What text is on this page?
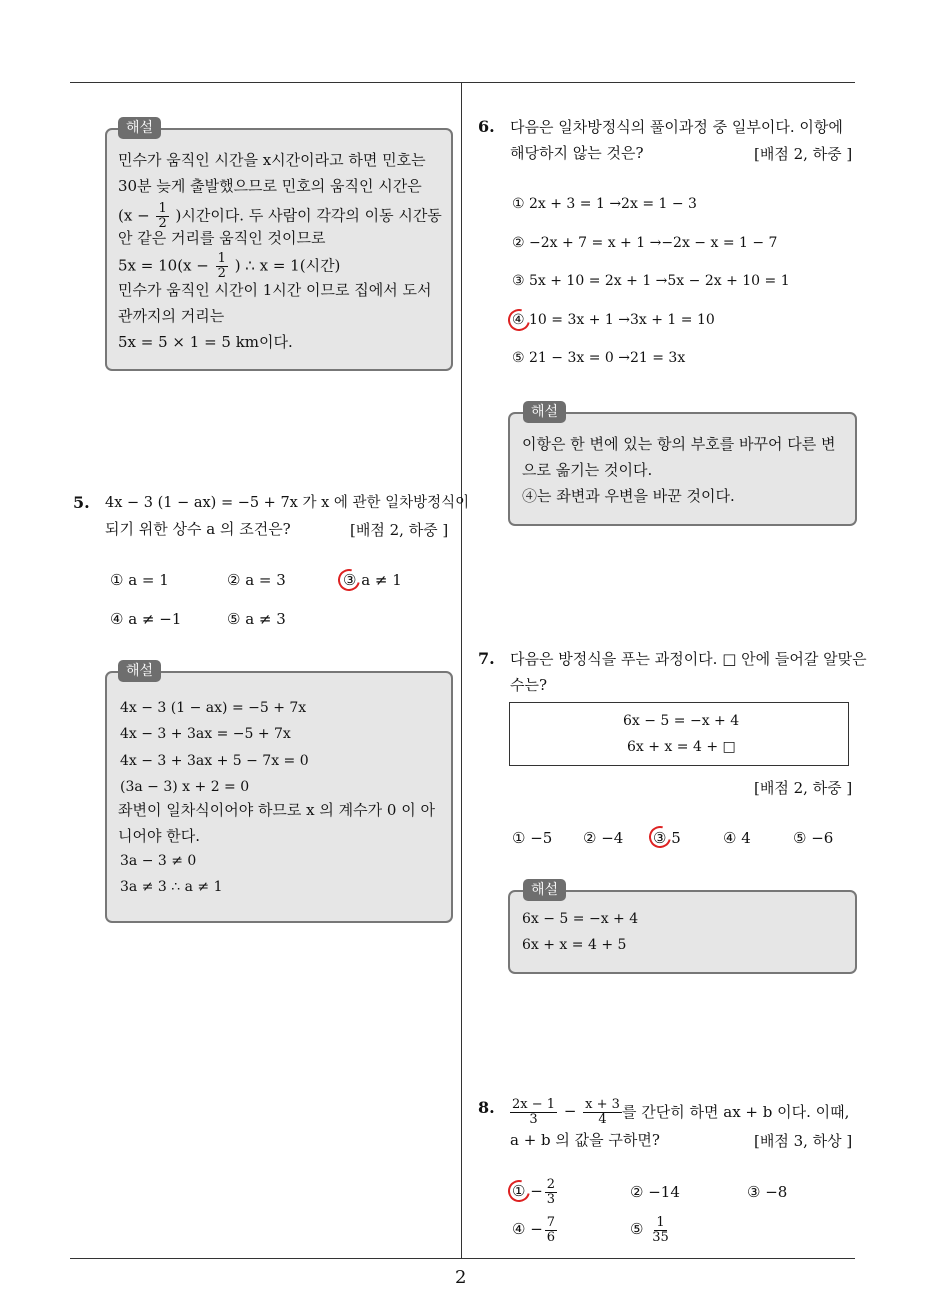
해설
민수가 움직인 시간을 x시간이라고 하면 민호는
30분 늦게 출발했으므로 민호의 움직인 시간은
($x - \frac{1}{2}$ )시간이다. 두 사람이 각각의 이동 시간동
안 같은 거리를 움직인 것이므로
$5x = 10(x - \frac{1}{2}$ ) ∴ x = 1(시간)
민수가 움직인 시간이 1시간 이므로 집에서 도서
관까지의 거리는
5x = 5 × 1 = 5 km이다.
5. 4x − 3 (1 − ax) = −5 + 7x 가 x 에 관한 일차방정식이
되기 위한 상수 a 의 조건은?	[배점 2, 하중 ]
① a = 1	② a = 3	③ a ≠ 1
④ a ≠ −1	⑤ a ≠ 3
해설
4x − 3 (1 − ax) = −5 + 7x
4x − 3 + 3ax = −5 + 7x
4x − 3 + 3ax + 5 − 7x = 0
(3a − 3) x + 2 = 0
좌변이 일차식이어야 하므로 x 의 계수가 0 이 아
니어야 한다.
3a − 3 ≠ 0
3a ≠ 3 ∴ a ≠ 1
6. 다음은 일차방정식의 풀이과정 중 일부이다. 이항에
해당하지 않는 것은?	[배점 2, 하중 ]
① 2x + 3 = 1 →2x = 1 − 3
② −2x + 7 = x + 1 →−2x − x = 1 − 7
③ 5x + 10 = 2x + 1 →5x − 2x + 10 = 1
④ 10 = 3x + 1 →3x + 1 = 10
⑤ 21 − 3x = 0 →21 = 3x
해설
이항은 한 변에 있는 항의 부호를 바꾸어 다른 변
으로 옮기는 것이다.
④는 좌변과 우변을 바꾼 것이다.
7. 다음은 방정식을 푸는 과정이다. □ 안에 들어갈 알맞은
수는?
6x − 5 = −x + 4
6x + x = 4 + □
[배점 2, 하중 ]
① −5 ② −4 ③ 5	④ 4	⑤ −6
해설
6x − 5 = −x + 4
6x + x = 4 + 5
8. $\frac{2x - 1}{3} - \frac{x + 3}{4}$ 를 간단히 하면 ax + b 이다. 이때,
a + b 의 값을 구하면?	[배점 3, 하상 ]
① − $\frac{2}{3}$	② −14	③ −8
④ − $\frac{7}{6}$	⑤ $\frac{1}{35}$
2
